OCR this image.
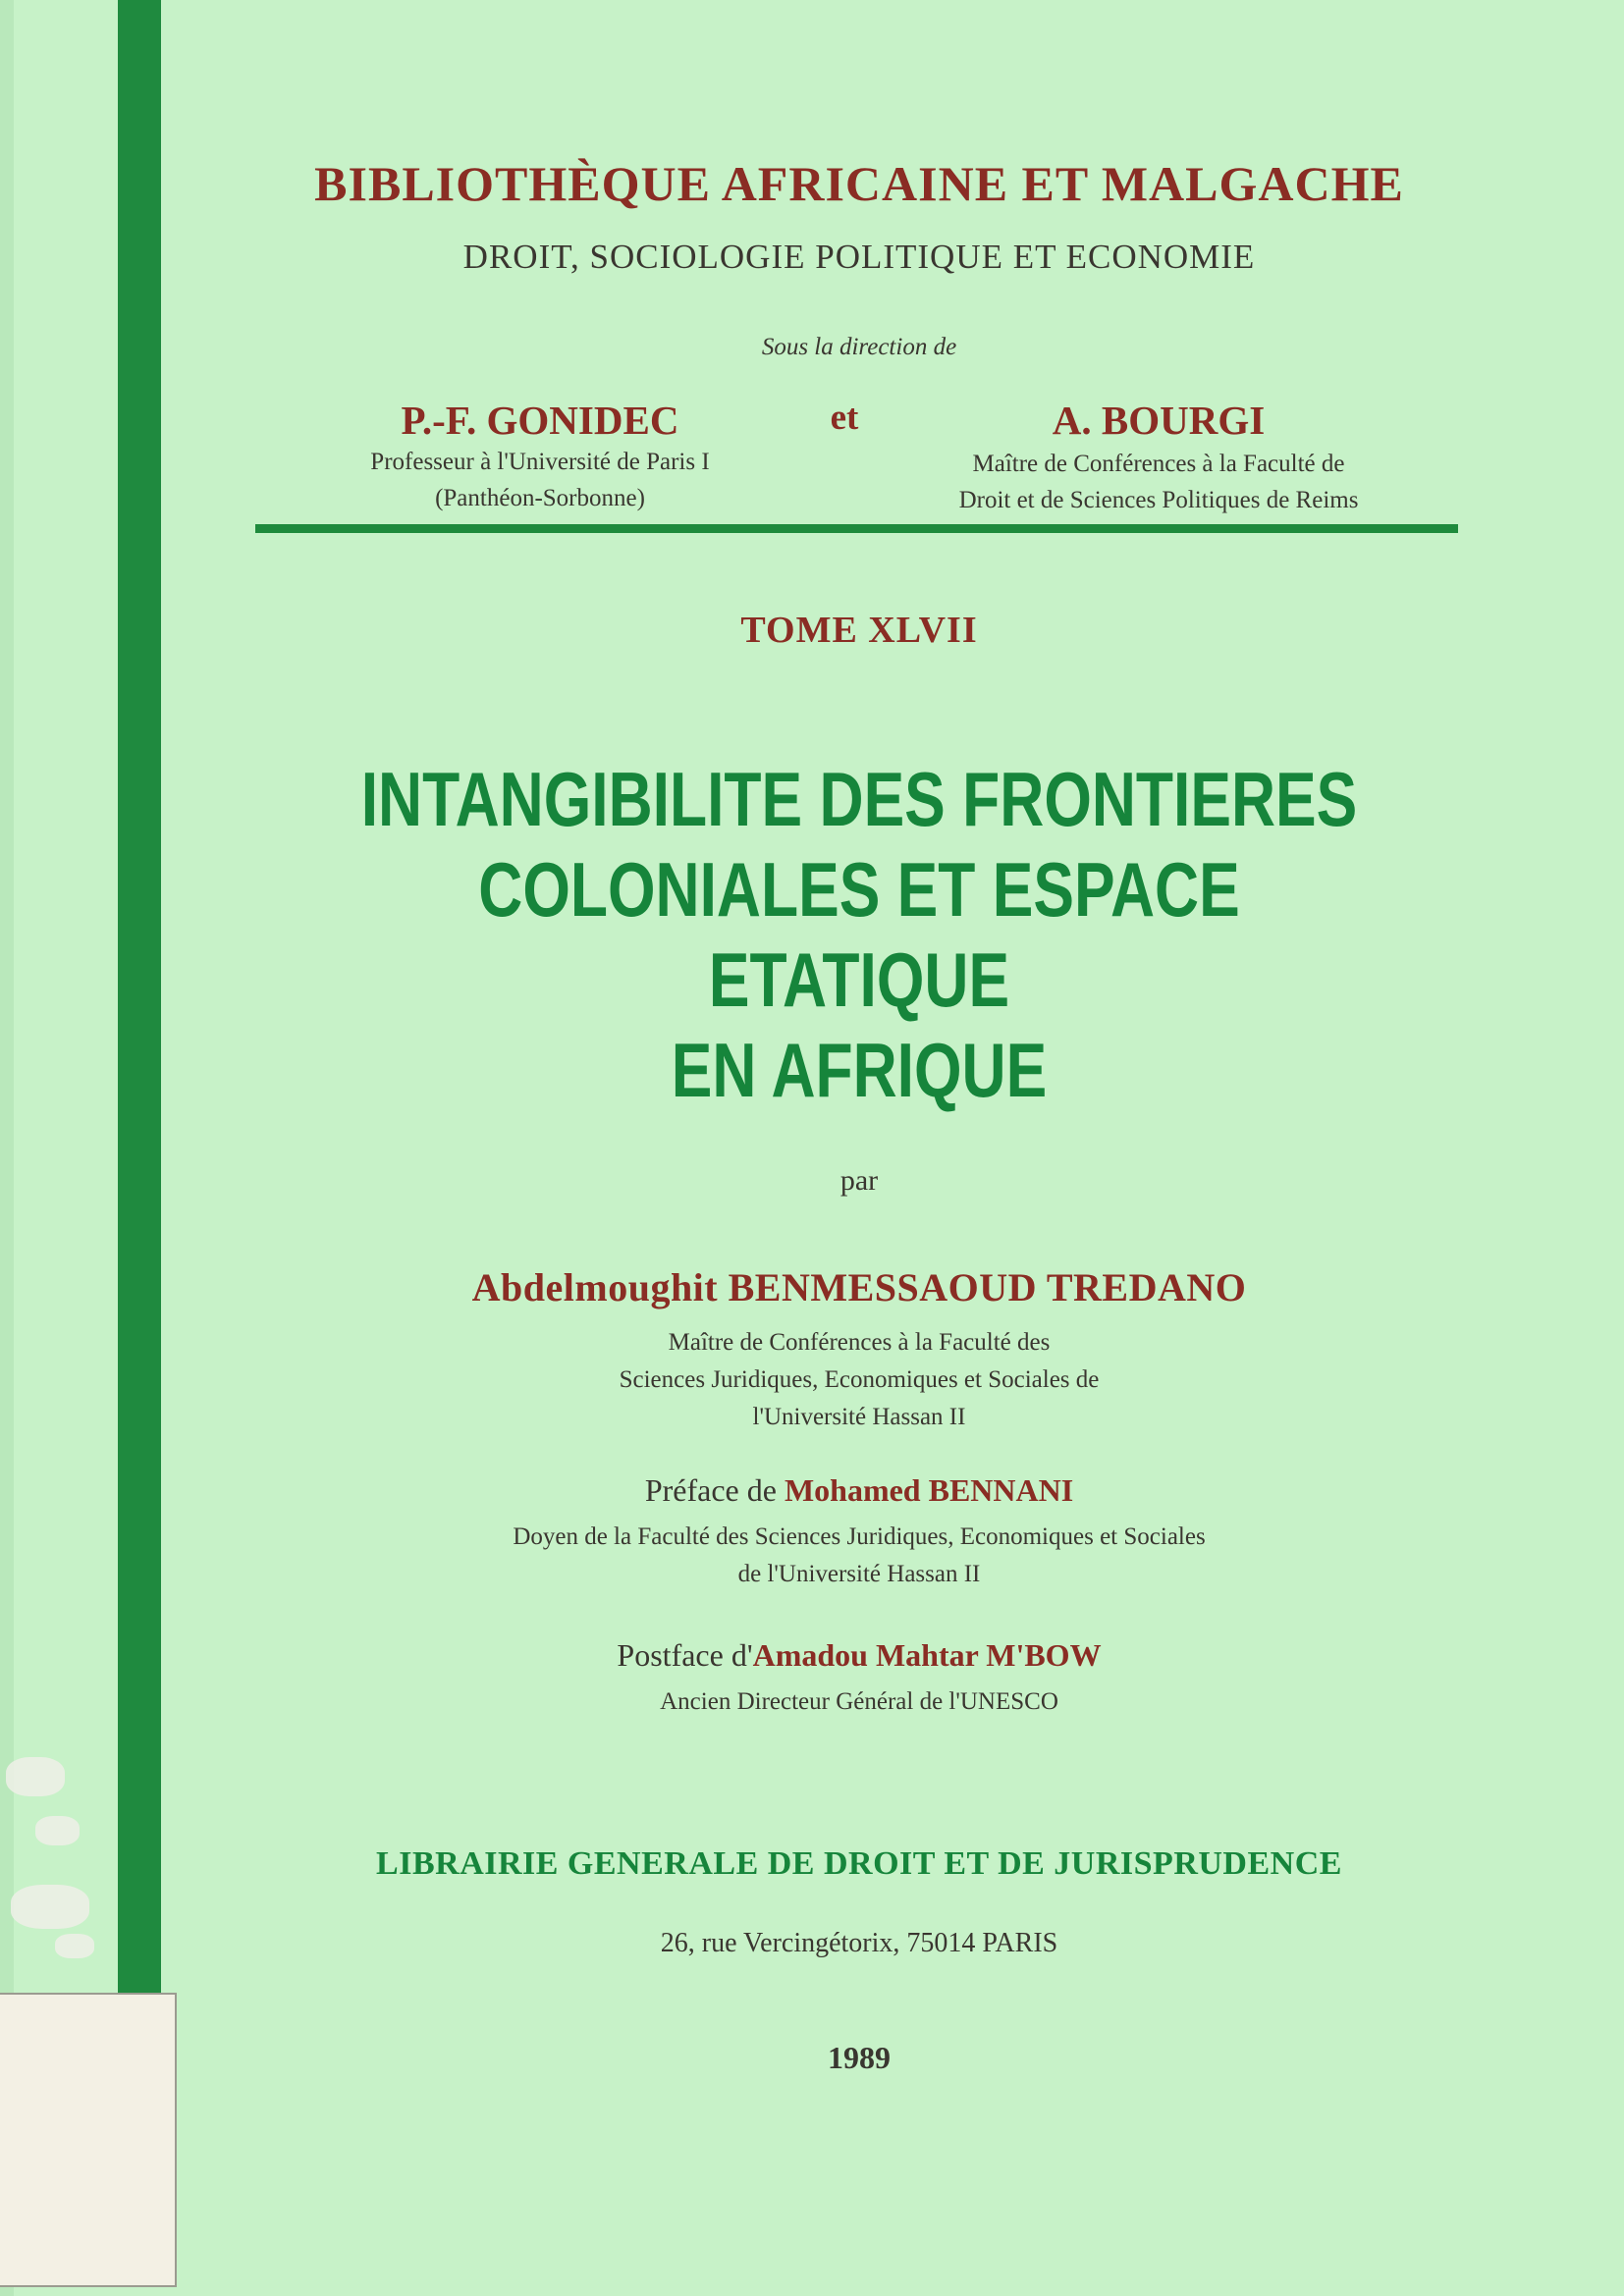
BIBLIOTHÈQUE AFRICAINE ET MALGACHE
DROIT, SOCIOLOGIE POLITIQUE ET ECONOMIE
Sous la direction de
P.-F. GONIDEC	et	A. BOURGI
Professeur à l'Université de Paris I
(Panthéon-Sorbonne)
Maître de Conférences à la Faculté de
Droit et de Sciences Politiques de Reims
TOME XLVII
INTANGIBILITE DES FRONTIERES
COLONIALES ET ESPACE ETATIQUE
EN AFRIQUE
par
Abdelmoughit BENMESSAOUD TREDANO
Maître de Conférences à la Faculté des
Sciences Juridiques, Economiques et Sociales de
l'Université Hassan II
Préface de Mohamed BENNANI
Doyen de la Faculté des Sciences Juridiques, Economiques et Sociales
de l'Université Hassan II
Postface d'Amadou Mahtar M'BOW
Ancien Directeur Général de l'UNESCO
LIBRAIRIE GENERALE DE DROIT ET DE JURISPRUDENCE
26, rue Vercingétorix, 75014 PARIS
1989
